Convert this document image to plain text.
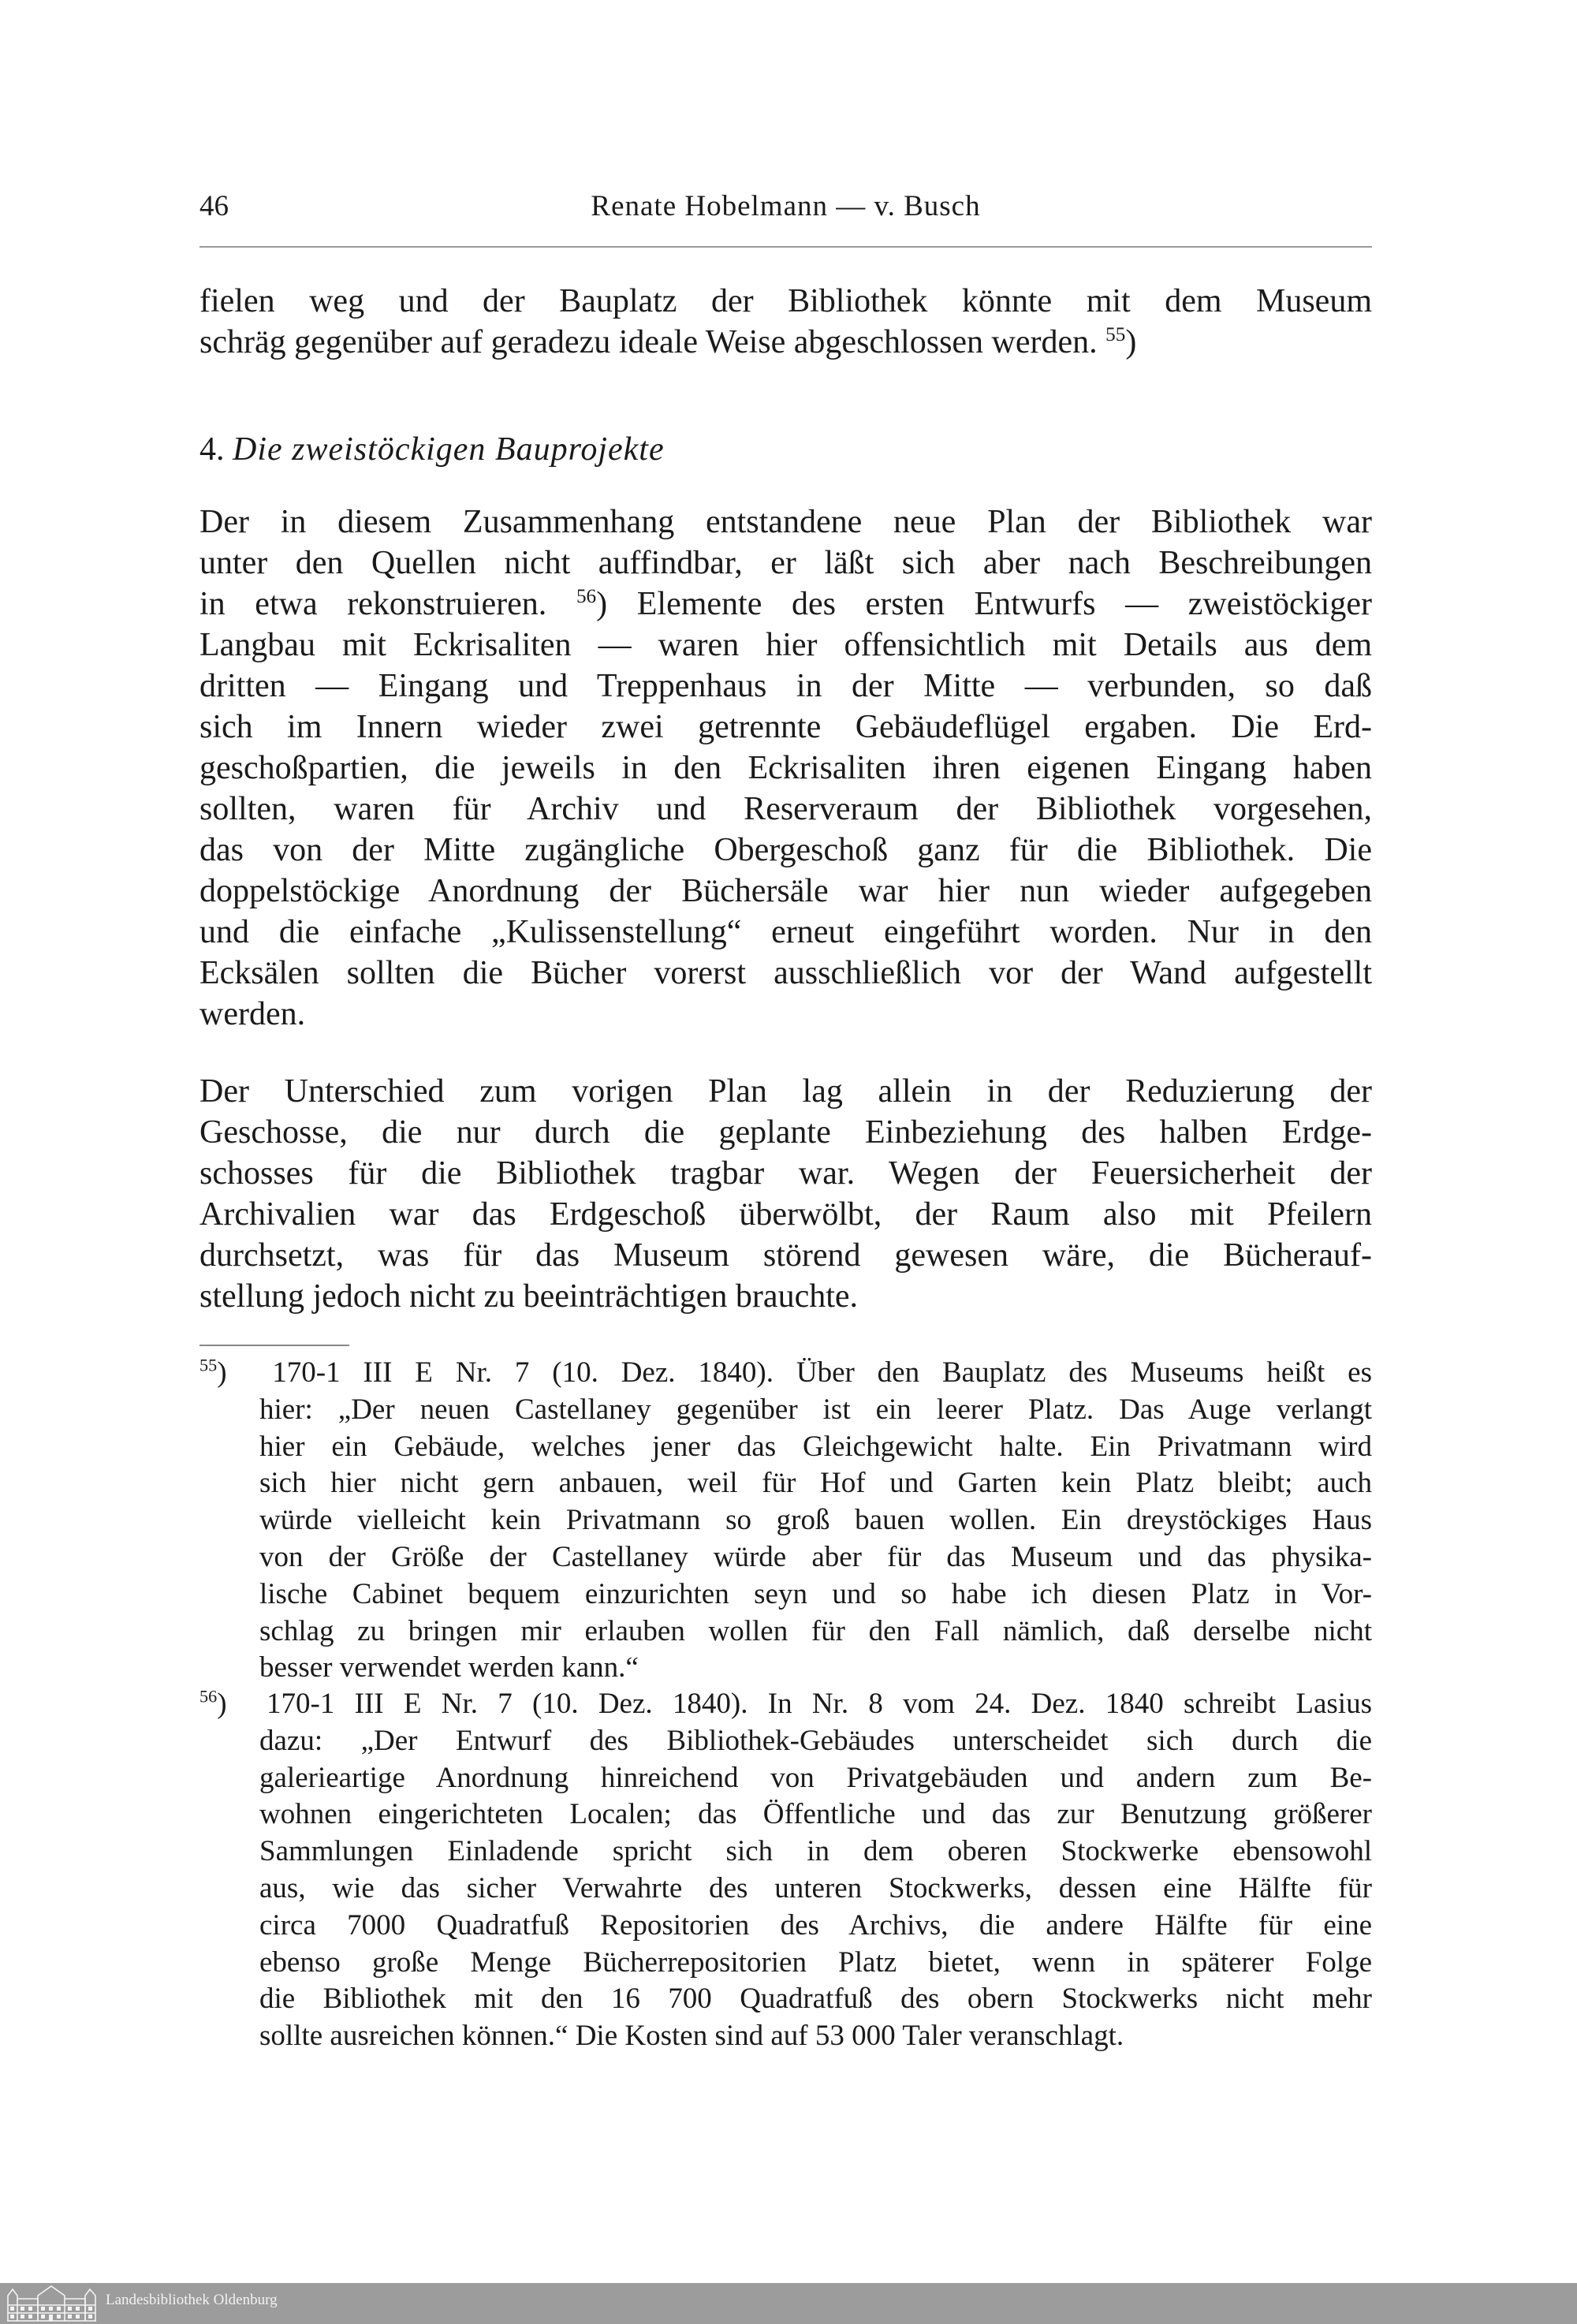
46	Renate Hobelmann — v. Busch
fielen weg und der Bauplatz der Bibliothek könnte mit dem Museum
schräg gegenüber auf geradezu ideale Weise abgeschlossen werden. $^{55}$)
4. Die zweistöckigen Bauprojekte
Der in diesem Zusammenhang entstandene neue Plan der Bibliothek war
unter den Quellen nicht auffindbar, er läßt sich aber nach Beschreibungen
in etwa rekonstruieren. $^{56}$) Elemente des ersten Entwurfs — zweistöckiger
Langbau mit Eckrisaliten — waren hier offensichtlich mit Details aus dem
dritten — Eingang und Treppenhaus in der Mitte — verbunden, so daß
sich im Innern wieder zwei getrennte Gebäudeflügel ergaben. Die Erd-
geschoßpartien, die jeweils in den Eckrisaliten ihren eigenen Eingang haben
sollten, waren für Archiv und Reserveraum der Bibliothek vorgesehen,
das von der Mitte zugängliche Obergeschoß ganz für die Bibliothek. Die
doppelstöckige Anordnung der Büchersäle war hier nun wieder aufgegeben
und die einfache „Kulissenstellung“ erneut eingeführt worden. Nur in den
Ecksälen sollten die Bücher vorerst ausschließlich vor der Wand aufgestellt
werden.
Der Unterschied zum vorigen Plan lag allein in der Reduzierung der
Geschosse, die nur durch die geplante Einbeziehung des halben Erdge-
schosses für die Bibliothek tragbar war. Wegen der Feuersicherheit der
Archivalien war das Erdgeschoß überwölbt, der Raum also mit Pfeilern
durchsetzt, was für das Museum störend gewesen wäre, die Bücherauf-
stellung jedoch nicht zu beeinträchtigen brauchte.
$^{55}$)  170-1 III E Nr. 7 (10. Dez. 1840). Über den Bauplatz des Museums heißt es
hier: „Der neuen Castellaney gegenüber ist ein leerer Platz. Das Auge verlangt
hier ein Gebäude, welches jener das Gleichgewicht halte. Ein Privatmann wird
sich hier nicht gern anbauen, weil für Hof und Garten kein Platz bleibt; auch
würde vielleicht kein Privatmann so groß bauen wollen. Ein dreystöckiges Haus
von der Größe der Castellaney würde aber für das Museum und das physika-
lische Cabinet bequem einzurichten seyn und so habe ich diesen Platz in Vor-
schlag zu bringen mir erlauben wollen für den Fall nämlich, daß derselbe nicht
besser verwendet werden kann.“
$^{56}$)  170-1 III E Nr. 7 (10. Dez. 1840). In Nr. 8 vom 24. Dez. 1840 schreibt Lasius
dazu: „Der Entwurf des Bibliothek-Gebäudes unterscheidet sich durch die
galerieartige Anordnung hinreichend von Privatgebäuden und andern zum Be-
wohnen eingerichteten Localen; das Öffentliche und das zur Benutzung größerer
Sammlungen Einladende spricht sich in dem oberen Stockwerke ebensowohl
aus, wie das sicher Verwahrte des unteren Stockwerks, dessen eine Hälfte für
circa 7000 Quadratfuß Repositorien des Archivs, die andere Hälfte für eine
ebenso große Menge Bücherrepositorien Platz bietet, wenn in späterer Folge
die Bibliothek mit den 16 700 Quadratfuß des obern Stockwerks nicht mehr
sollte ausreichen können.“ Die Kosten sind auf 53 000 Taler veranschlagt.
Landesbibliothek Oldenburg
